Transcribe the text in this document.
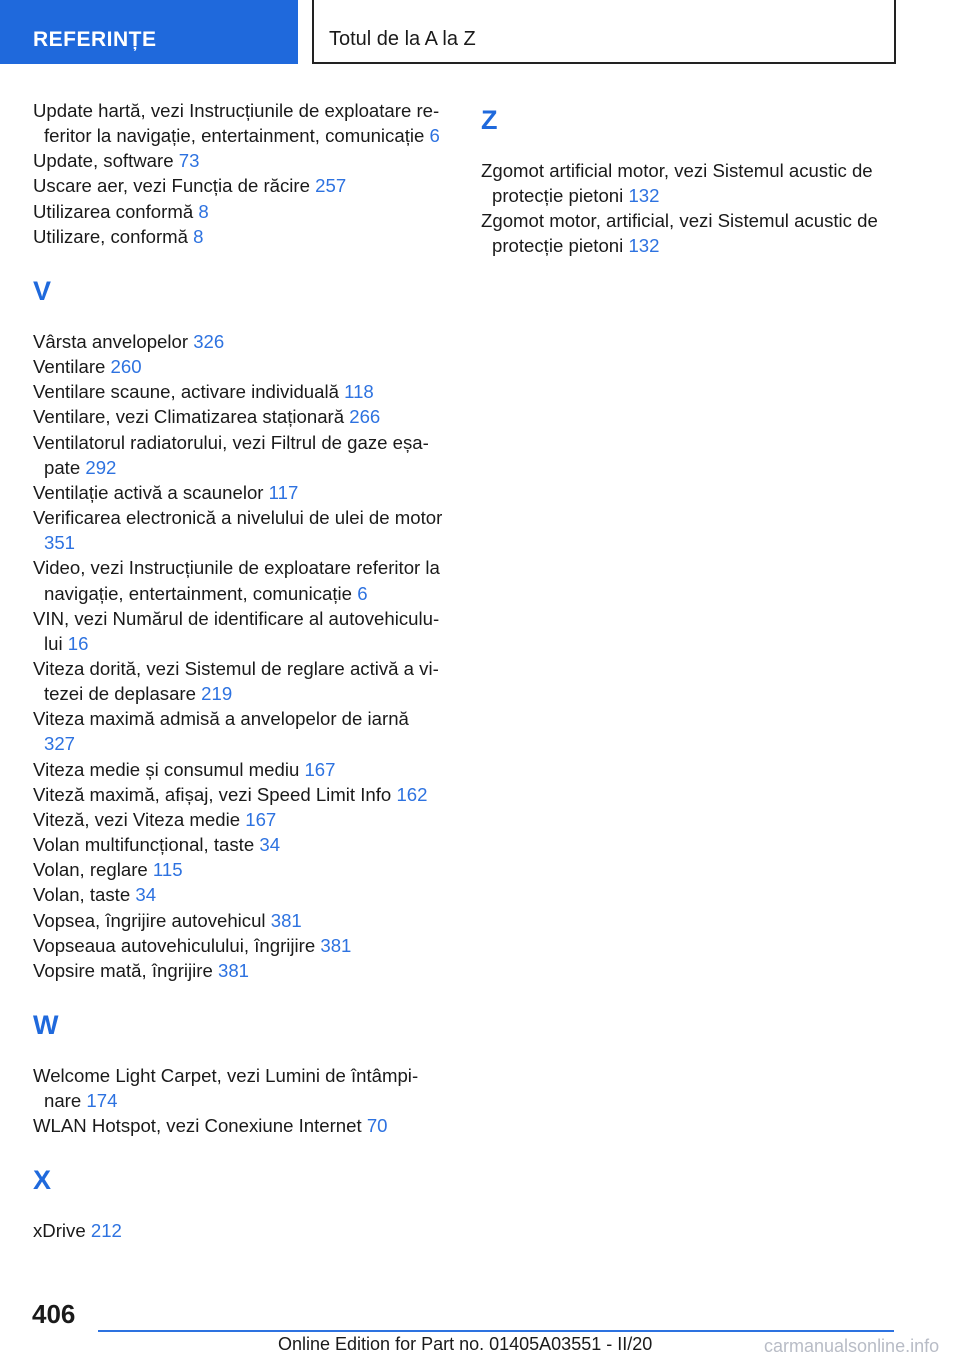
REFERINȚE	Totul de la A la Z
Update hartă, vezi Instrucțiunile de exploatare referitor la navigație, entertainment, comunicație 6
Update, software 73
Uscare aer, vezi Funcția de răcire 257
Utilizarea conformă 8
Utilizare, conformă 8
V
Vârsta anvelopelor 326
Ventilare 260
Ventilare scaune, activare individuală 118
Ventilare, vezi Climatizarea staționară 266
Ventilatorul radiatorului, vezi Filtrul de gaze eșapate 292
Ventilație activă a scaunelor 117
Verificarea electronică a nivelului de ulei de motor 351
Video, vezi Instrucțiunile de exploatare referitor la navigație, entertainment, comunicație 6
VIN, vezi Numărul de identificare al autovehiculului 16
Viteza dorită, vezi Sistemul de reglare activă a vitezei de deplasare 219
Viteza maximă admisă a anvelopelor de iarnă 327
Viteza medie și consumul mediu 167
Viteză maximă, afișaj, vezi Speed Limit Info 162
Viteză, vezi Viteza medie 167
Volan multifuncțional, taste 34
Volan, reglare 115
Volan, taste 34
Vopsea, îngrijire autovehicul 381
Vopseaua autovehiculului, îngrijire 381
Vopsire mată, îngrijire 381
W
Welcome Light Carpet, vezi Lumini de întâmpinare 174
WLAN Hotspot, vezi Conexiune Internet 70
X
xDrive 212
Z
Zgomot artificial motor, vezi Sistemul acustic de protecție pietoni 132
Zgomot motor, artificial, vezi Sistemul acustic de protecție pietoni 132
406
Online Edition for Part no. 01405A03551 - II/20	carmanualsonline.info
